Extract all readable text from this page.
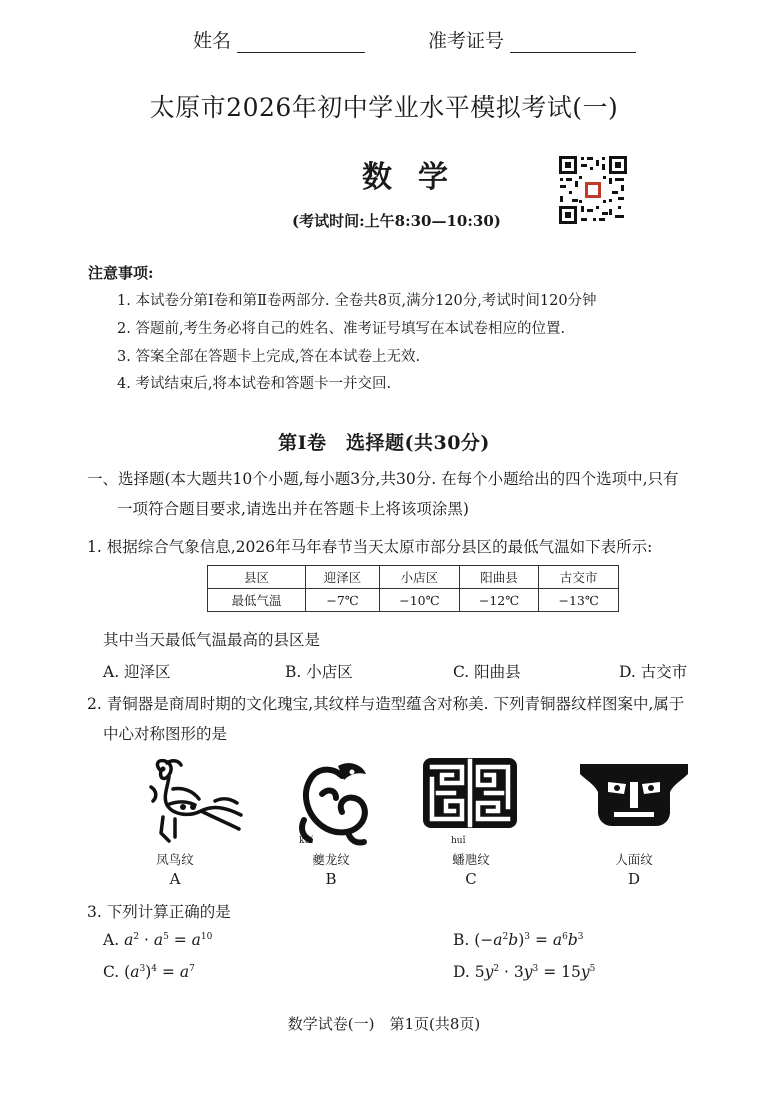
姓名	准考证号
太原市2026年初中学业水平模拟考试(一)
数学
(考试时间:上午8:30—10:30)
注意事项:
1. 本试卷分第Ⅰ卷和第Ⅱ卷两部分. 全卷共8页,满分120分,考试时间120分钟
2. 答题前,考生务必将自己的姓名、准考证号填写在本试卷相应的位置.
3. 答案全部在答题卡上完成,答在本试卷上无效.
4. 考试结束后,将本试卷和答题卡一并交回.
第Ⅰ卷　选择题(共30分)
一、选择题(本大题共10个小题,每小题3分,共30分. 在每个小题给出的四个选项中,只有
一项符合题目要求,请选出并在答题卡上将该项涂黑)
1. 根据综合气象信息,2026年马年春节当天太原市部分县区的最低气温如下表所示:
县区	迎泽区	小店区	阳曲县	古交市
最低气温	−7℃	−10℃	−12℃	−13℃
其中当天最低气温最高的县区是
A. 迎泽区	B. 小店区	C. 阳曲县	D. 古交市
2. 青铜器是商周时期的文化瑰宝,其纹样与造型蕴含对称美. 下列青铜器纹样图案中,属于
中心对称图形的是
凤鸟纹
A
kuí
夔龙纹
B
huǐ
蟠虺纹
C
人面纹
D
3. 下列计算正确的是
A. $a^2 \cdot a^5 = a^{10}$	B. $(-a^2b)^3 = a^6b^3$
C. $(a^3)^4 = a^7$	D. $5y^2 \cdot 3y^3 = 15y^5$
数学试卷(一)　第1页(共8页)
